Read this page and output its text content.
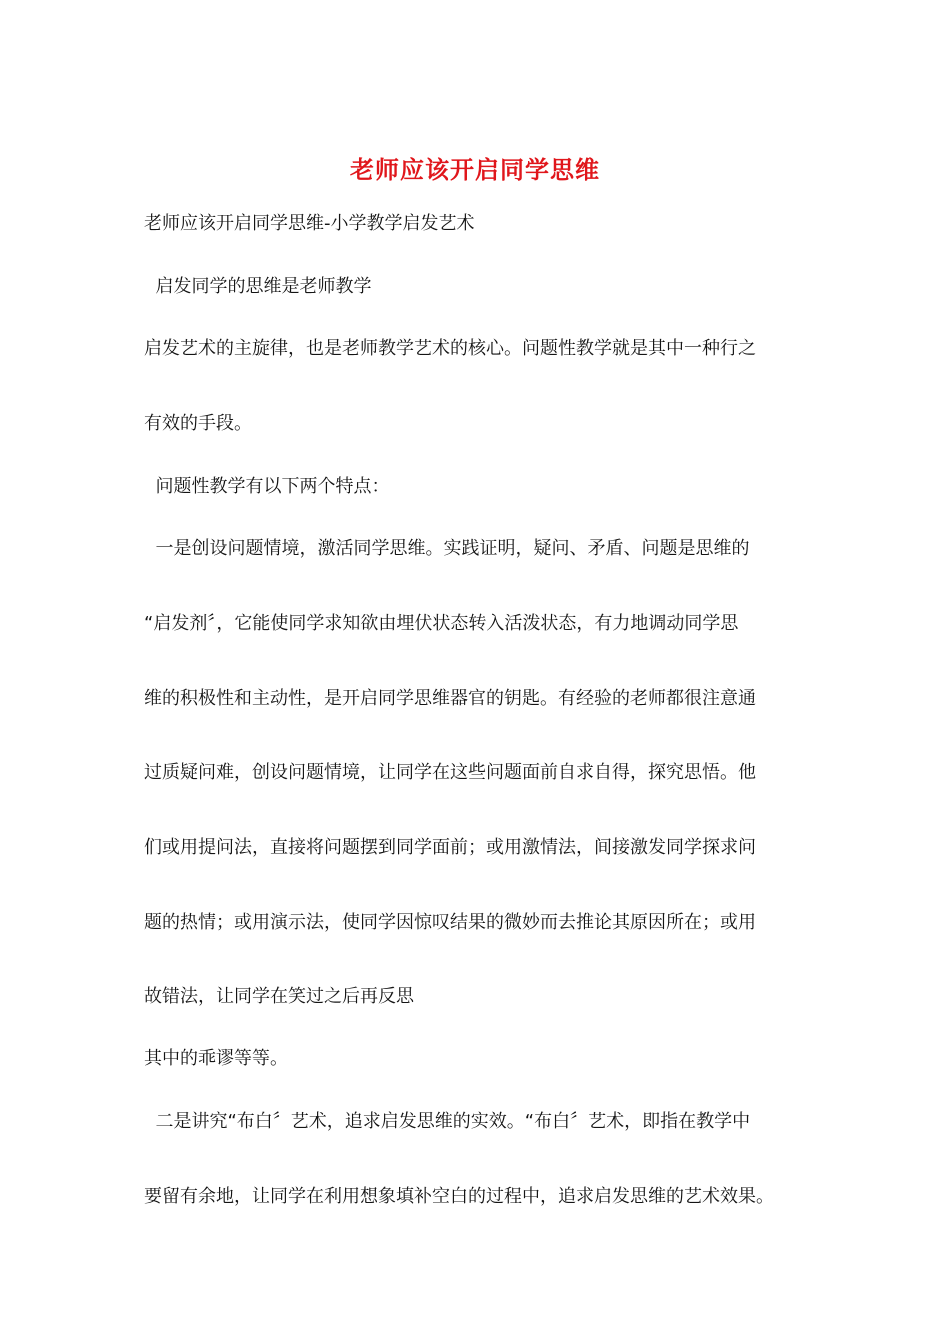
老师应该开启同学思维
老师应该开启同学思维-小学教学启发艺术
启发同学的思维是老师教学
启发艺术的主旋律，也是老师教学艺术的核心。问题性教学就是其中一种行之
有效的手段。
问题性教学有以下两个特点：
一是创设问题情境，激活同学思维。实践证明，疑问、矛盾、问题是思维的
“启发剂〞，它能使同学求知欲由埋伏状态转入活泼状态，有力地调动同学思
维的积极性和主动性，是开启同学思维器官的钥匙。有经验的老师都很注意通
过质疑问难，创设问题情境，让同学在这些问题面前自求自得，探究思悟。他
们或用提问法，直接将问题摆到同学面前；或用激情法，间接激发同学探求问
题的热情；或用演示法，使同学因惊叹结果的微妙而去推论其原因所在；或用
故错法，让同学在笑过之后再反思
其中的乖谬等等。
二是讲究“布白〞艺术，追求启发思维的实效。“布白〞艺术，即指在教学中
要留有余地，让同学在利用想象填补空白的过程中，追求启发思维的艺术效果。
